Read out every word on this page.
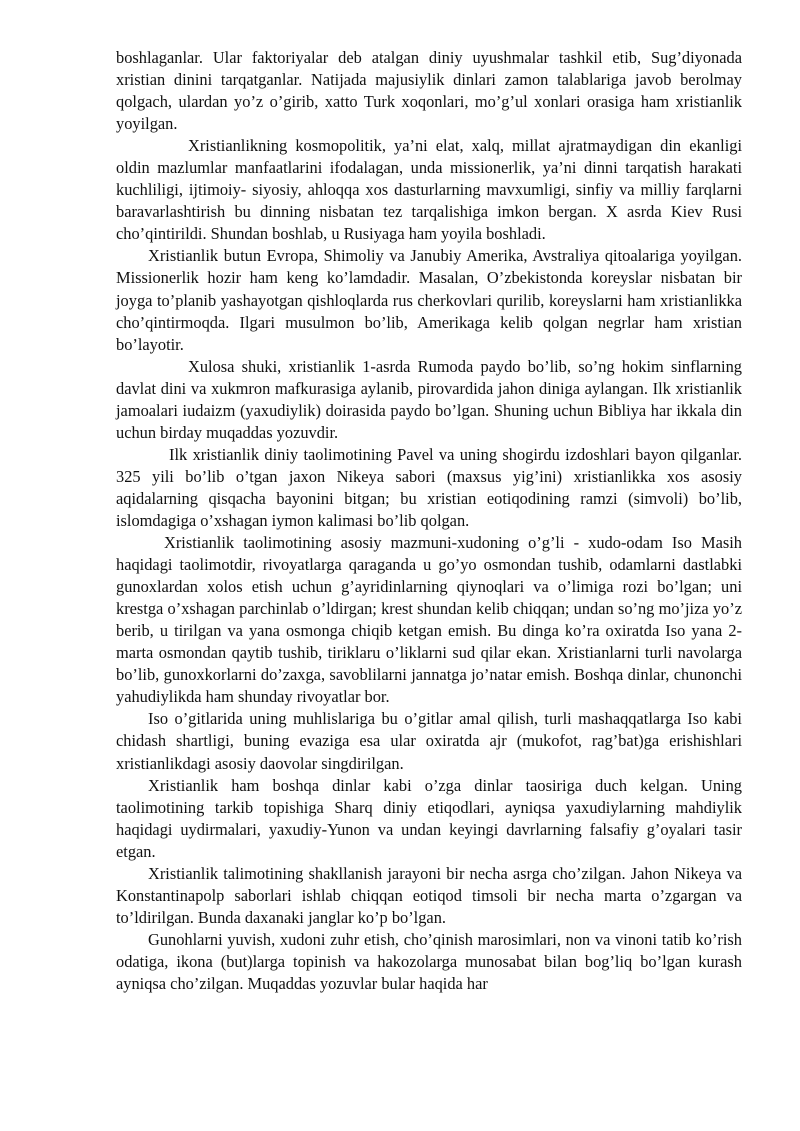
boshlaganlar. Ular faktoriyalar deb atalgan diniy uyushmalar tashkil etib, Sug’diyonada xristian dinini tarqatganlar. Natijada majusiylik dinlari zamon talablariga javob berolmay qolgach, ulardan yo’z o’girib, xatto Turk xoqonlari, mo’g’ul xonlari orasiga ham xristianlik yoyilgan.

Xristianlikning kosmopolitik, ya’ni elat, xalq, millat ajratmaydigan din ekanligi oldin mazlumlar manfaatlarini ifodalagan, unda missionerlik, ya’ni dinni tarqatish harakati kuchliligi, ijtimoiy- siyosiy, ahloqqa xos dasturlarning mavxumligi, sinfiy va milliy farqlarni baravarlashtirish bu dinning nisbatan tez tarqalishiga imkon bergan. X asrda Kiev Rusi cho’qintirildi. Shundan boshlab, u Rusiyaga ham yoyila boshladi.

Xristianlik butun Evropa, Shimoliy va Janubiy Amerika, Avstraliya qitoalariga yoyilgan. Missionerlik hozir ham keng ko’lamdadir. Masalan, O’zbekistonda koreyslar nisbatan bir joyga to’planib yashayotgan qishloqlarda rus cherkovlari qurilib, koreyslarni ham xristianlikka cho’qintirmoqda. Ilgari musulmon bo’lib, Amerikaga kelib qolgan negrlar ham xristian bo’layotir.

Xulosa shuki, xristianlik 1-asrda Rumoda paydo bo’lib, so’ng hokim sinflarning davlat dini va xukmron mafkurasiga aylanib, pirovardida jahon diniga aylangan. Ilk xristianlik jamoalari iudaizm (yaxudiylik) doirasida paydo bo’lgan. Shuning uchun Bibliya har ikkala din uchun birday muqaddas yozuvdir.

Ilk xristianlik diniy taolimotining Pavel va uning shogirdu izdoshlari bayon qilganlar. 325 yili bo’lib o’tgan jaxon Nikeya sabori (maxsus yig’ini) xristianlikka xos asosiy aqidalarning qisqacha bayonini bitgan; bu xristian eotiqodining ramzi (simvoli) bo’lib, islomdagiga o’xshagan iymon kalimasi bo’lib qolgan.

Xristianlik taolimotining asosiy mazmuni-xudoning o’g’li - xudo-odam Iso Masih haqidagi taolimotdir, rivoyatlarga qaraganda u go’yo osmondan tushib, odamlarni dastlabki gunoxlardan xolos etish uchun g’ayridinlarning qiynoqlari va o’limiga rozi bo’lgan; uni krestga o’xshagan parchinlab o’ldirgan; krest shundan kelib chiqqan; undan so’ng mo’jiza yo’z berib, u tirilgan va yana osmonga chiqib ketgan emish. Bu dinga ko’ra oxiratda Iso yana 2-marta osmondan qaytib tushib, tiriklaru o’liklarni sud qilar ekan. Xristianlarni turli navolarga bo’lib, gunoxkorlarni do’zaxga, savoblilarni jannatga jo’natar emish. Boshqa dinlar, chunonchi yahudiylikda ham shunday rivoyatlar bor.

Iso o’gitlarida uning muhlislariga bu o’gitlar amal qilish, turli mashaqqatlarga Iso kabi chidash shartligi, buning evaziga esa ular oxiratda ajr (mukofot, rag’bat)ga erishishlari xristianlikdagi asosiy daovolar singdirilgan.

Xristianlik ham boshqa dinlar kabi o’zga dinlar taosiriga duch kelgan. Uning taolimotining tarkib topishiga Sharq diniy etiqodlari, ayniqsa yaxudiylarning mahdiylik haqidagi uydirmalari, yaxudiy-Yunon va undan keyingi davrlarning falsafiy g’oyalari tasir etgan.

Xristianlik talimotining shakllanish jarayoni bir necha asrga cho’zilgan. Jahon Nikeya va Konstantinapolp saborlari ishlab chiqqan eotiqod timsoli bir necha marta o’zgargan va to’ldirilgan. Bunda daxanaki janglar ko’p bo’lgan.

Gunohlarni yuvish, xudoni zuhr etish, cho’qinish marosimlari, non va vinoni tatib ko’rish odatiga, ikona (but)larga topinish va hakozolarga munosabat bilan bog’liq bo’lgan kurash ayniqsa cho’zilgan. Muqaddas yozuvlar bular haqida har
